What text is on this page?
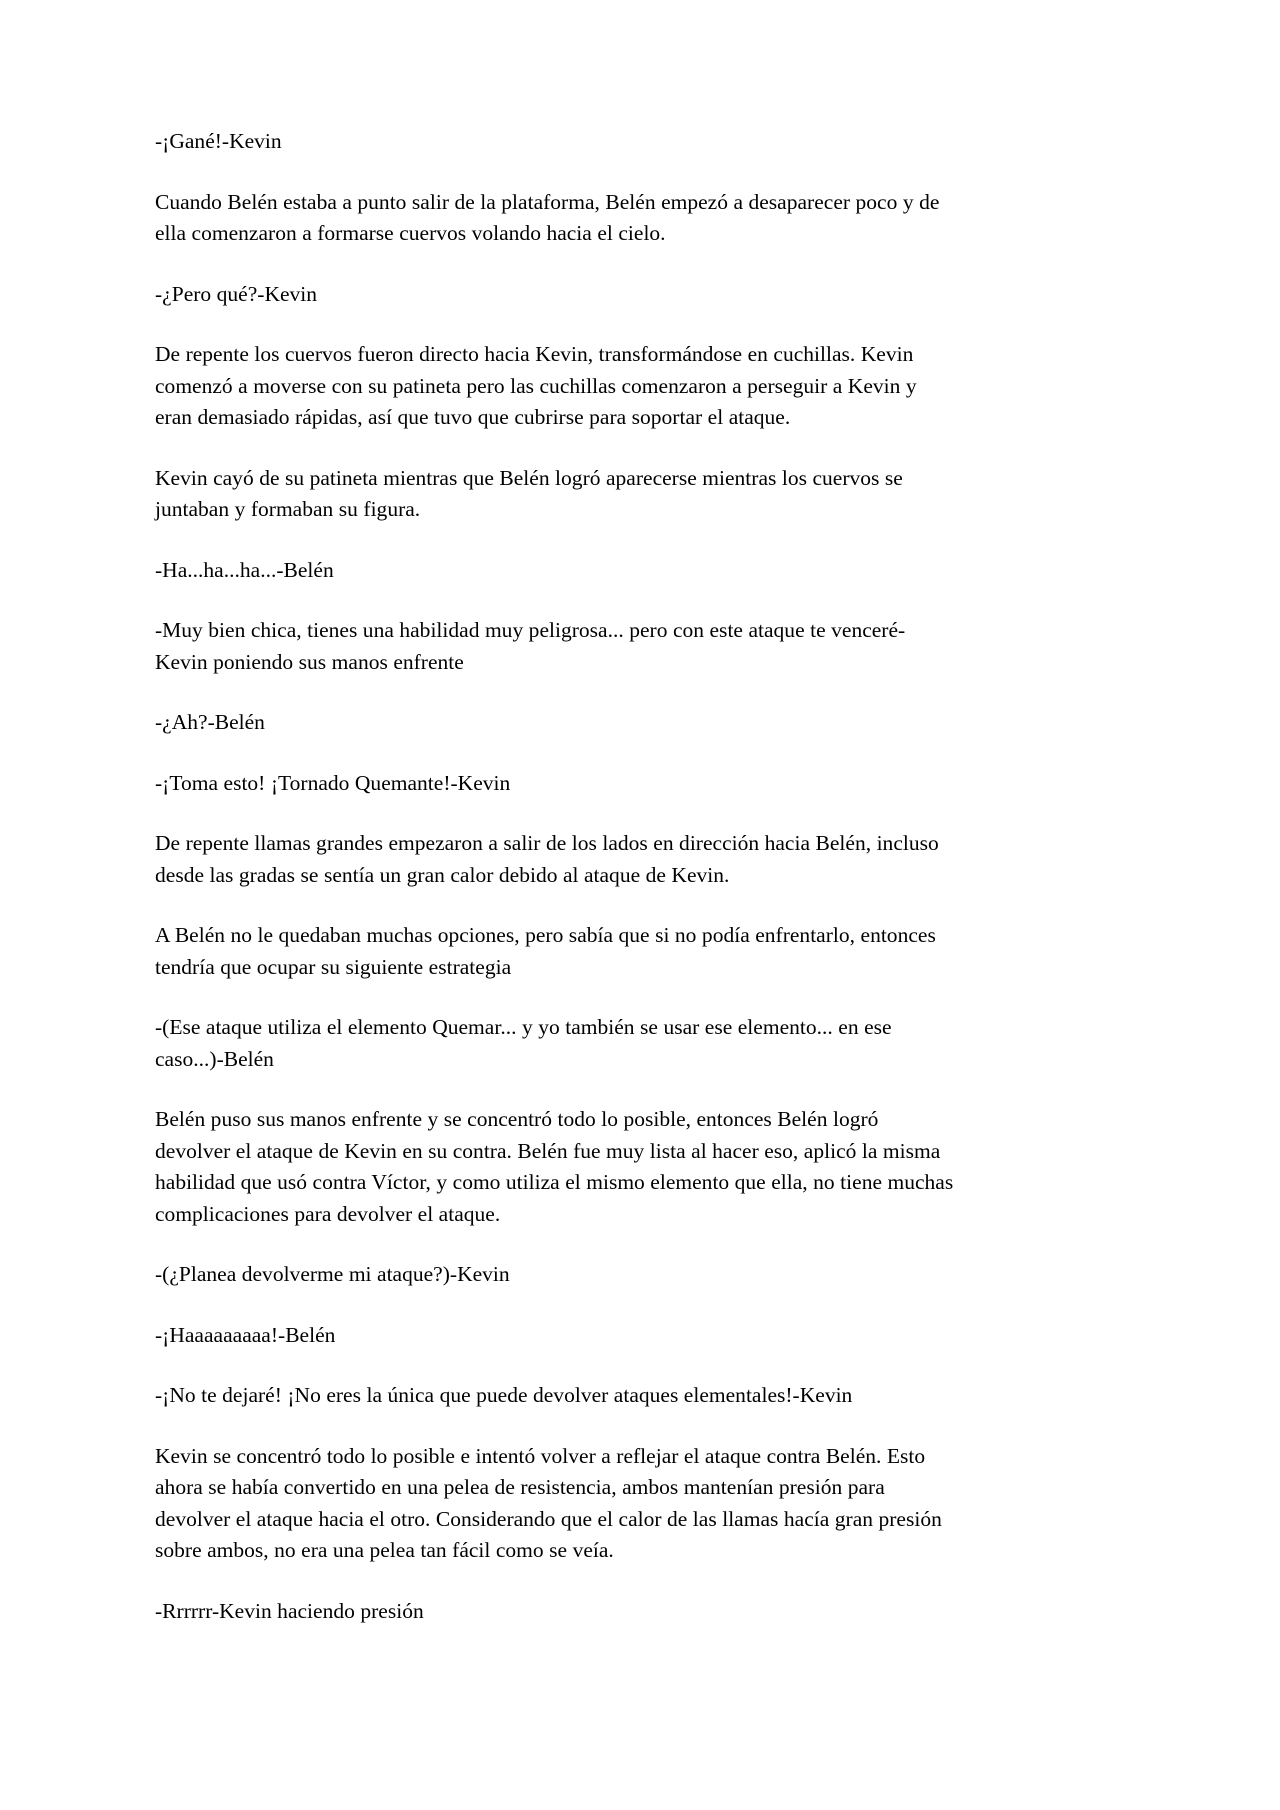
-¡Gané!-Kevin

Cuando Belén estaba a punto salir de la plataforma, Belén empezó a desaparecer poco y de ella comenzaron a formarse cuervos volando hacia el cielo.

-¿Pero qué?-Kevin

De repente los cuervos fueron directo hacia Kevin, transformándose en cuchillas. Kevin comenzó a moverse con su patineta pero las cuchillas comenzaron a perseguir a Kevin y eran demasiado rápidas, así que tuvo que cubrirse para soportar el ataque.

Kevin cayó de su patineta mientras que Belén logró aparecerse mientras los cuervos se juntaban y formaban su figura.

-Ha...ha...ha...-Belén

-Muy bien chica, tienes una habilidad muy peligrosa... pero con este ataque te venceré-Kevin poniendo sus manos enfrente

-¿Ah?-Belén

-¡Toma esto! ¡Tornado Quemante!-Kevin

De repente llamas grandes empezaron a salir de los lados en dirección hacia Belén, incluso desde las gradas se sentía un gran calor debido al ataque de Kevin.

A Belén no le quedaban muchas opciones, pero sabía que si no podía enfrentarlo, entonces tendría que ocupar su siguiente estrategia

-(Ese ataque utiliza el elemento Quemar... y yo también se usar ese elemento... en ese caso...)-Belén

Belén puso sus manos enfrente y se concentró todo lo posible, entonces Belén logró devolver el ataque de Kevin en su contra. Belén fue muy lista al hacer eso, aplicó la misma habilidad que usó contra Víctor, y como utiliza el mismo elemento que ella, no tiene muchas complicaciones para devolver el ataque.

-(¿Planea devolverme mi ataque?)-Kevin

-¡Haaaaaaaaa!-Belén

-¡No te dejaré! ¡No eres la única que puede devolver ataques elementales!-Kevin

Kevin se concentró todo lo posible e intentó volver a reflejar el ataque contra Belén. Esto ahora se había convertido en una pelea de resistencia, ambos mantenían presión para devolver el ataque hacia el otro. Considerando que el calor de las llamas hacía gran presión sobre ambos, no era una pelea tan fácil como se veía.

-Rrrrrr-Kevin haciendo presión
